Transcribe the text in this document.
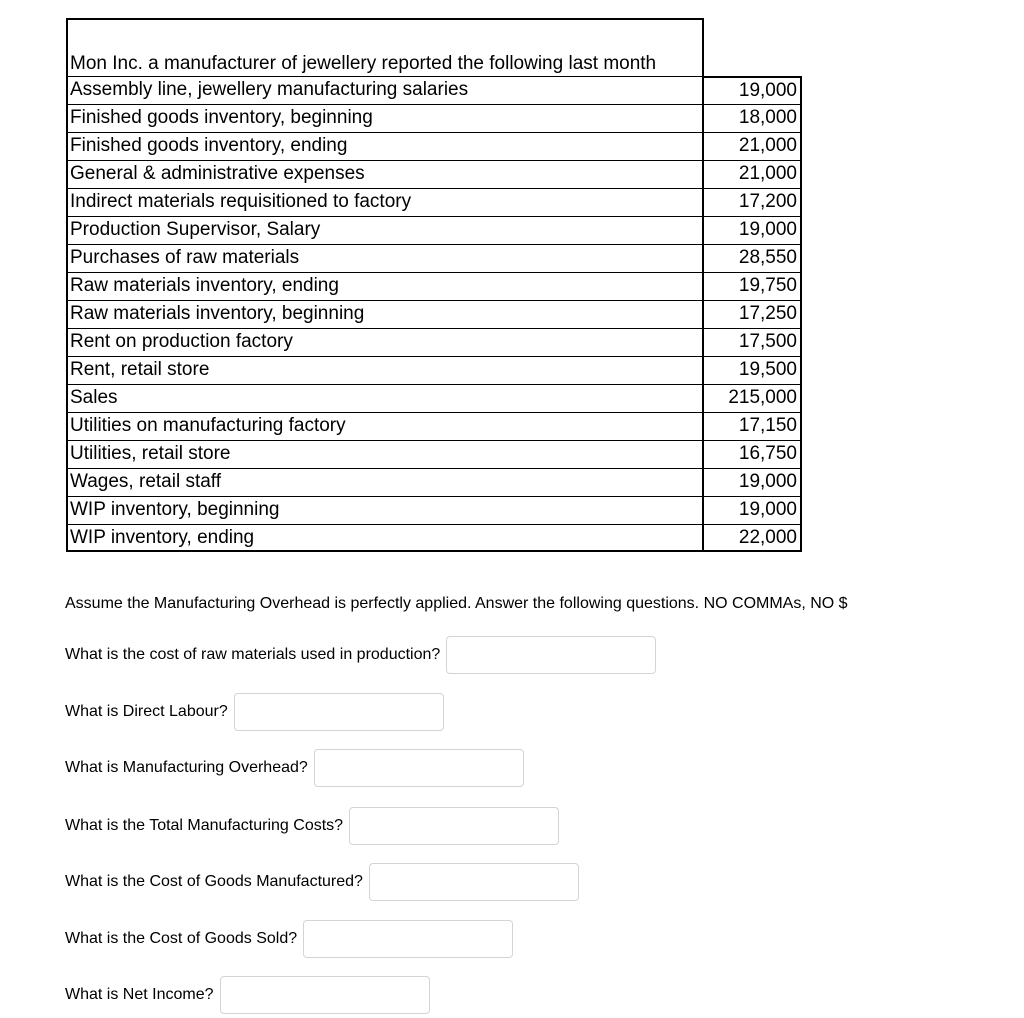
Mon Inc. a manufacturer of jewellery reported the following last month
Assembly line, jewellery manufacturing salaries	19,000
Finished goods inventory, beginning	18,000
Finished goods inventory, ending	21,000
General & administrative expenses	21,000
Indirect materials requisitioned to factory	17,200
Production Supervisor, Salary	19,000
Purchases of raw materials	28,550
Raw materials inventory, ending	19,750
Raw materials inventory, beginning	17,250
Rent on production factory	17,500
Rent, retail store	19,500
Sales	215,000
Utilities on manufacturing factory	17,150
Utilities, retail store	16,750
Wages, retail staff	19,000
WIP inventory, beginning	19,000
WIP inventory, ending	22,000
Assume the Manufacturing Overhead is perfectly applied. Answer the following questions. NO COMMAs, NO $
What is the cost of raw materials used in production?
What is Direct Labour?
What is Manufacturing Overhead?
What is the Total Manufacturing Costs?
What is the Cost of Goods Manufactured?
What is the Cost of Goods Sold?
What is Net Income?
